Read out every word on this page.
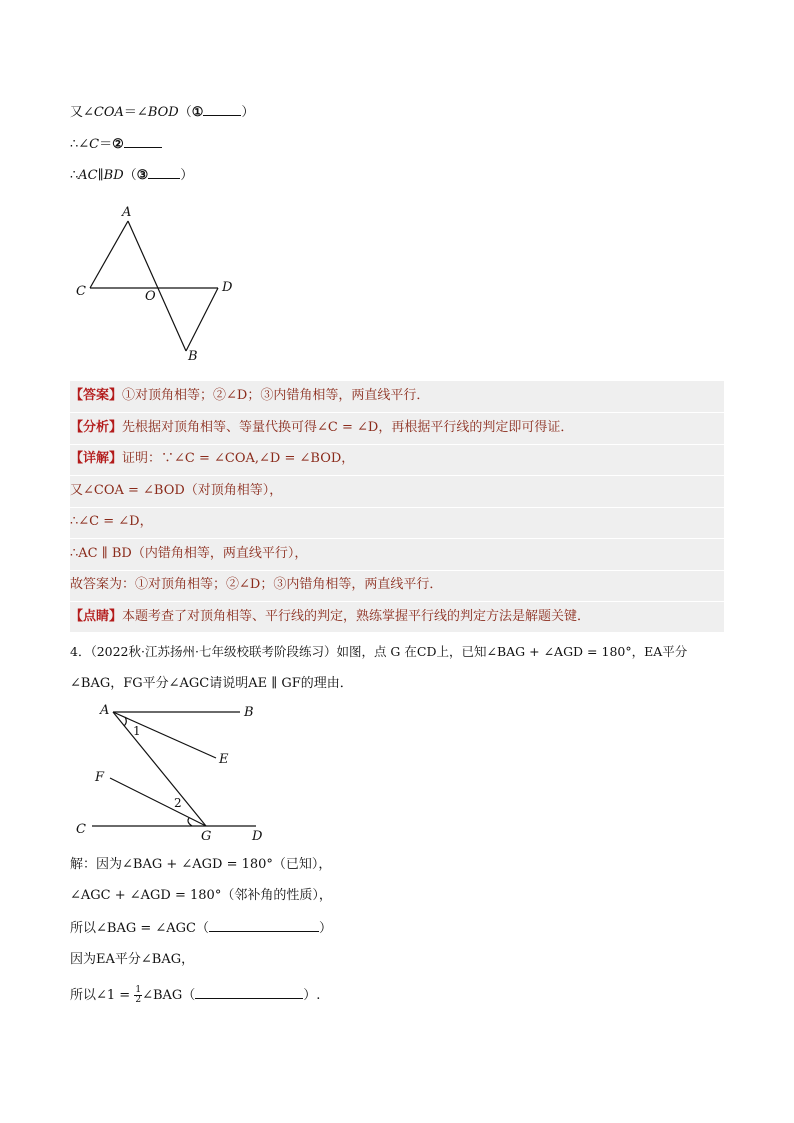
又∠COA＝∠BOD（①	）
∴∠C＝②
∴AC∥BD（③ ）
A
C	O
D
B
【答案】①对顶角相等；②∠D；③内错角相等，两直线平行．
【分析】先根据对顶角相等、等量代换可得∠C = ∠D，再根据平行线的判定即可得证．
【详解】证明：∵∠C = ∠COA,∠D = ∠BOD，
又∠COA = ∠BOD（对顶角相等），
∴∠C = ∠D，
∴AC ∥ BD（内错角相等，两直线平行），
故答案为：①对顶角相等；②∠D；③内错角相等，两直线平行．
【点睛】本题考查了对顶角相等、平行线的判定，熟练掌握平行线的判定方法是解题关键．
4．（2022秋·江苏扬州·七年级校联考阶段练习）如图，点 G 在CD上，已知∠BAG + ∠AGD = 180°，EA平分
∠BAG，FG平分∠AGC请说明AE ∥ GF的理由．
A	B
E
F
C	G	D
1
2
解：因为∠BAG + ∠AGD = 180°（已知），
∠AGC + ∠AGD = 180°（邻补角的性质），
所以∠BAG = ∠AGC（	）
因为EA平分∠BAG，
所以∠1 = $\frac{1}{2}$ ∠BAG（	）.
